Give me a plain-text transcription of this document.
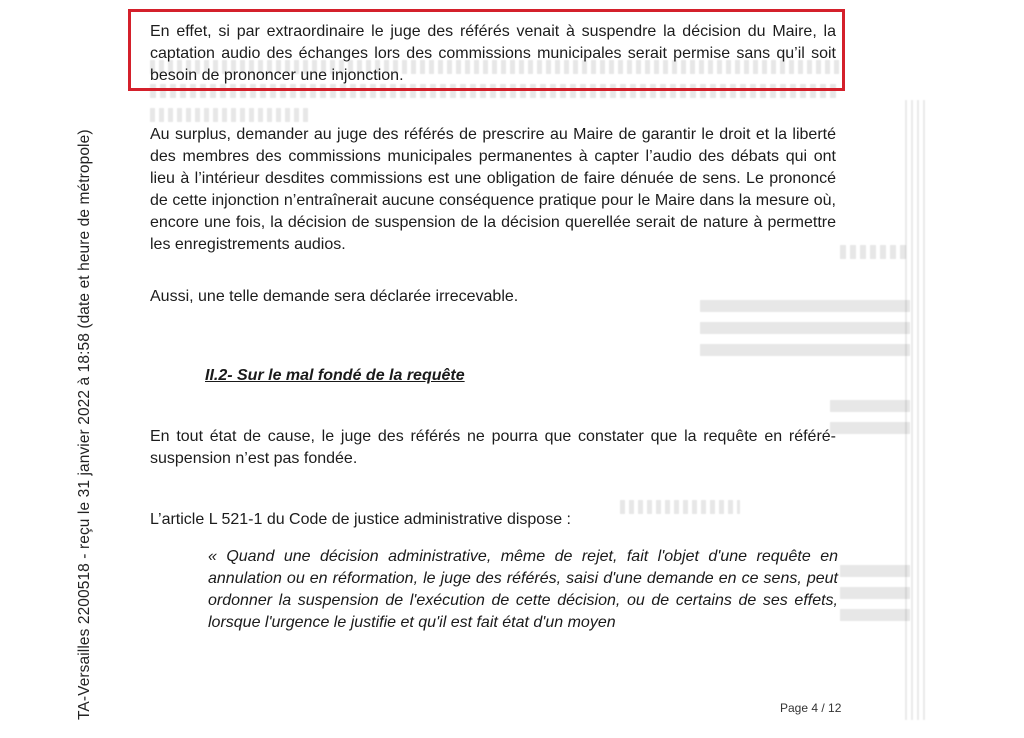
TA-Versailles 2200518 - reçu le 31 janvier 2022 à 18:58 (date et heure de métropole)
En effet, si par extraordinaire le juge des référés venait à suspendre la décision du Maire, la captation audio des échanges lors des commissions municipales serait permise sans qu’il soit besoin de prononcer une injonction.
Au surplus, demander au juge des référés de prescrire au Maire de garantir le droit et la liberté des membres des commissions municipales permanentes à capter l’audio des débats qui ont lieu à l’intérieur desdites commissions est une obligation de faire dénuée de sens. Le prononcé de cette injonction n’entraînerait aucune conséquence pratique pour le Maire dans la mesure où, encore une fois, la décision de suspension de la décision querellée serait de nature à permettre les enregistrements audios.
Aussi, une telle demande sera déclarée irrecevable.
II.2- Sur le mal fondé de la requête
En tout état de cause, le juge des référés ne pourra que constater que la requête en référé-suspension n’est pas fondée.
L’article L 521-1 du Code de justice administrative dispose :
« Quand une décision administrative, même de rejet, fait l'objet d'une requête en annulation ou en réformation, le juge des référés, saisi d'une demande en ce sens, peut ordonner la suspension de l'exécution de cette décision, ou de certains de ses effets, lorsque l'urgence le justifie et qu'il est fait état d'un moyen
Page 4 / 12
